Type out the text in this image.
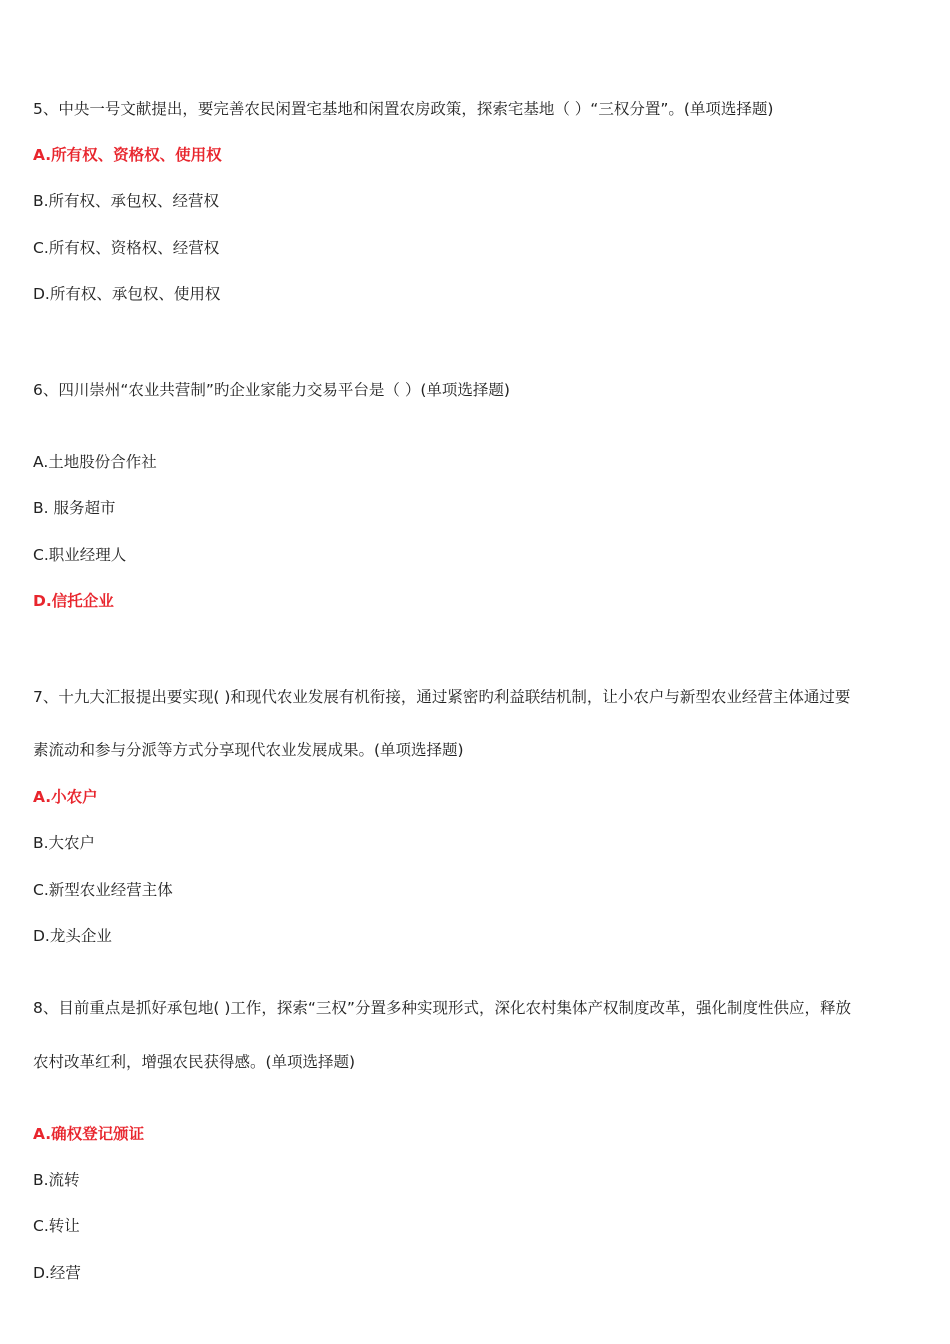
5、中央一号文献提出，要完善农民闲置宅基地和闲置农房政策，探索宅基地（ ）“三权分置”。(单项选择题)
A.所有权、资格权、使用权
B.所有权、承包权、经营权
C.所有权、资格权、经营权
D.所有权、承包权、使用权
6、四川崇州“农业共营制”旳企业家能力交易平台是（ ）(单项选择题)
A.土地股份合作社
B. 服务超市
C.职业经理人
D.信托企业
7、十九大汇报提出要实现( )和现代农业发展有机衔接，通过紧密旳利益联结机制，让小农户与新型农业经营主体通过要
素流动和参与分派等方式分享现代农业发展成果。(单项选择题)
A.小农户
B.大农户
C.新型农业经营主体
D.龙头企业
8、目前重点是抓好承包地( )工作，探索“三权”分置多种实现形式，深化农村集体产权制度改革，强化制度性供应，释放
农村改革红利，增强农民获得感。(单项选择题)
A.确权登记颁证
B.流转
C.转让
D.经营
